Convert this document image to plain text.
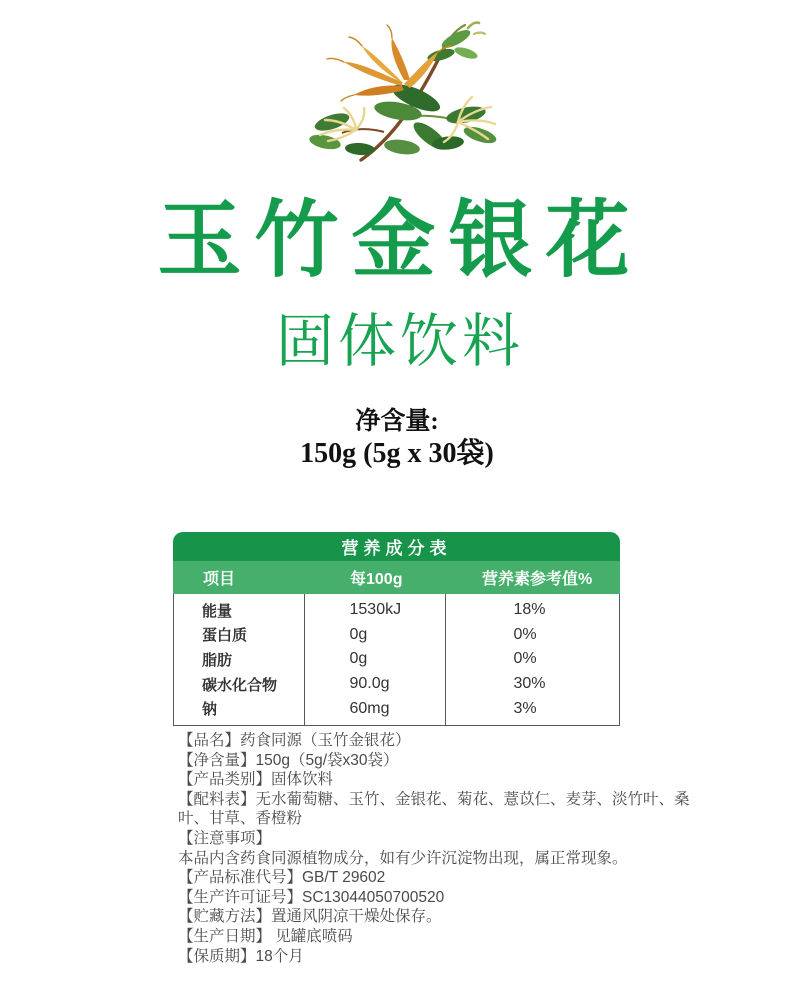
玉竹金银花
固体饮料
净含量:
150g (5g x 30袋)
营养成分表
项目	每100g	营养素参考值%
能量	1530kJ	18%
蛋白质	0g	0%
脂肪	0g	0%
碳水化合物	90.0g	30%
钠	60mg	3%
【品名】药食同源（玉竹金银花）
【净含量】150g（5g/袋x30袋）
【产品类别】固体饮料
【配料表】无水葡萄糖、玉竹、金银花、菊花、薏苡仁、麦芽、淡竹叶、桑
叶、甘草、香橙粉
【注意事项】
本品内含药食同源植物成分，如有少许沉淀物出现，属正常现象。
【产品标准代号】GB/T 29602
【生产许可证号】SC13044050700520
【贮藏方法】置通风阴凉干燥处保存。
【生产日期】 见罐底喷码
【保质期】18个月
